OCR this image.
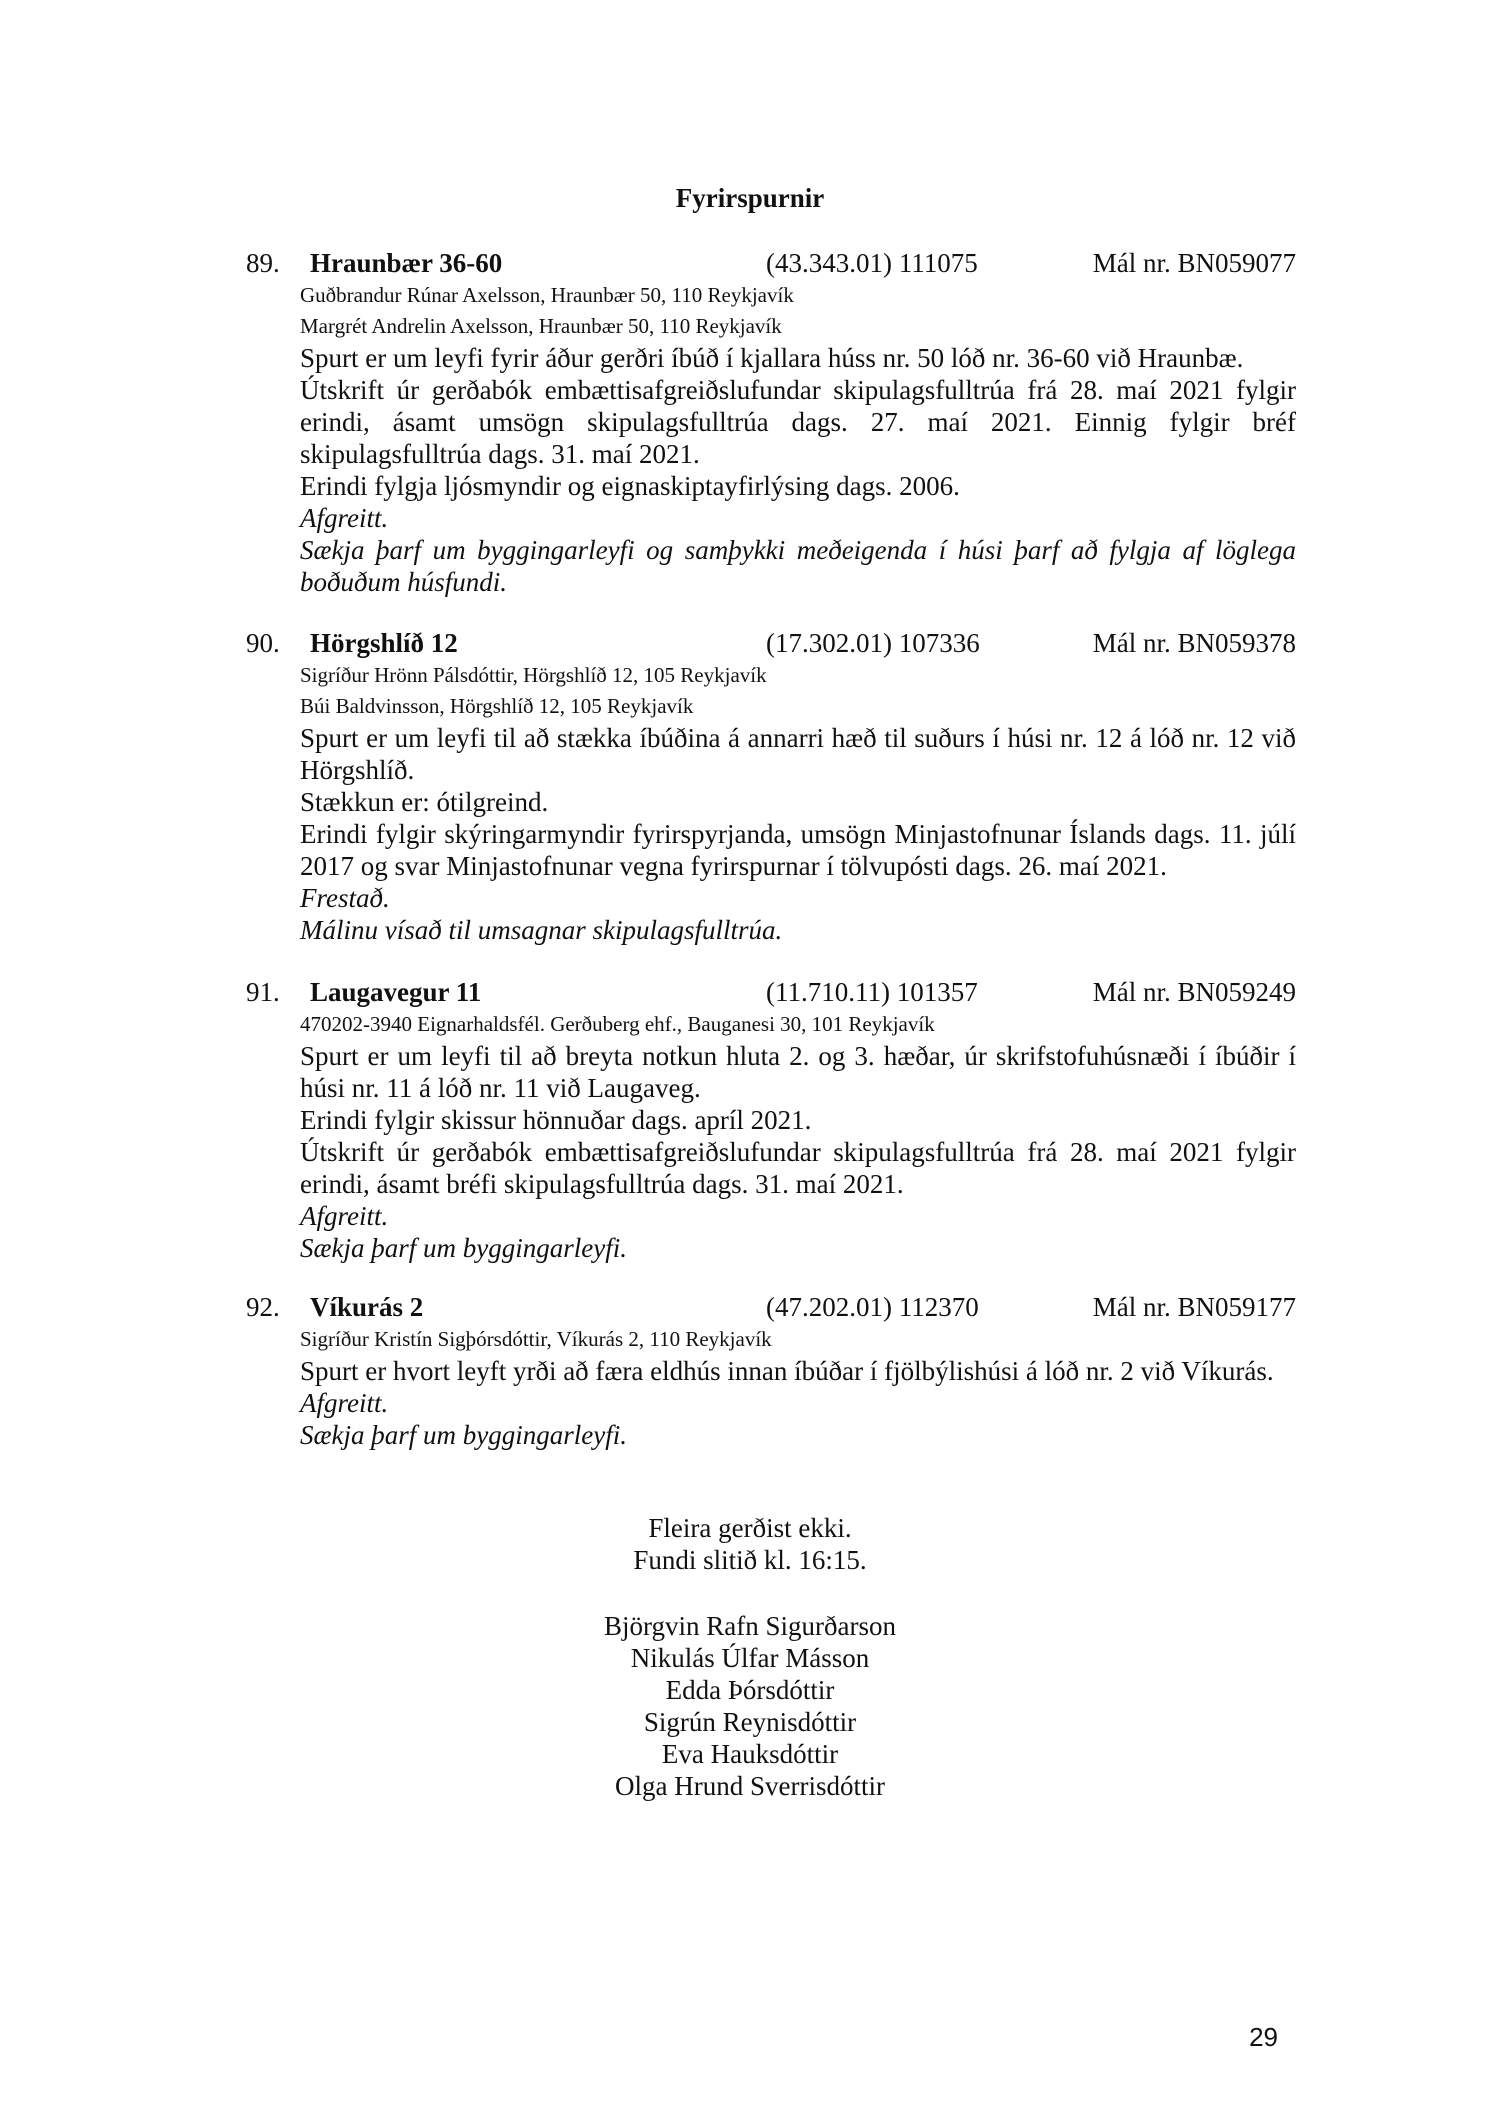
Fyrirspurnir
89. Hraunbær 36-60	(43.343.01) 111075	Mál nr. BN059077
Guðbrandur Rúnar Axelsson, Hraunbær 50, 110 Reykjavík
Margrét Andrelin Axelsson, Hraunbær 50, 110 Reykjavík
Spurt er um leyfi fyrir áður gerðri íbúð í kjallara húss nr. 50 lóð nr. 36-60 við Hraunbæ.
Útskrift úr gerðabók embættisafgreiðslufundar skipulagsfulltrúa frá 28. maí 2021 fylgir erindi, ásamt umsögn skipulagsfulltrúa dags. 27. maí 2021. Einnig fylgir bréf skipulagsfulltrúa dags. 31. maí 2021.
Erindi fylgja ljósmyndir og eignaskiptayfirlýsing dags. 2006.
Afgreitt.
Sækja þarf um byggingarleyfi og samþykki meðeigenda í húsi þarf að fylgja af löglega boðuðum húsfundi.
90. Hörgshlíð 12	(17.302.01) 107336	Mál nr. BN059378
Sigríður Hrönn Pálsdóttir, Hörgshlíð 12, 105 Reykjavík
Búi Baldvinsson, Hörgshlíð 12, 105 Reykjavík
Spurt er um leyfi til að stækka íbúðina á annarri hæð til suðurs í húsi nr. 12 á lóð nr. 12 við Hörgshlíð.
Stækkun er: ótilgreind.
Erindi fylgir skýringarmyndir fyrirspyrjanda, umsögn Minjastofnunar Íslands dags. 11. júlí 2017 og svar Minjastofnunar vegna fyrirspurnar í tölvupósti dags. 26. maí 2021.
Frestað.
Málinu vísað til umsagnar skipulagsfulltrúa.
91. Laugavegur 11	(11.710.11) 101357	Mál nr. BN059249
470202-3940 Eignarhaldsfél. Gerðuberg ehf., Bauganesi 30, 101 Reykjavík
Spurt er um leyfi til að breyta notkun hluta 2. og 3. hæðar, úr skrifstofuhúsnæði í íbúðir í húsi nr. 11 á lóð nr. 11 við Laugaveg.
Erindi fylgir skissur hönnuðar dags. apríl 2021.
Útskrift úr gerðabók embættisafgreiðslufundar skipulagsfulltrúa frá 28. maí 2021 fylgir erindi, ásamt bréfi skipulagsfulltrúa dags. 31. maí 2021.
Afgreitt.
Sækja þarf um byggingarleyfi.
92. Víkurás 2	(47.202.01) 112370	Mál nr. BN059177
Sigríður Kristín Sigþórsdóttir, Víkurás 2, 110 Reykjavík
Spurt er hvort leyft yrði að færa eldhús innan íbúðar í fjölbýlishúsi á lóð nr. 2 við Víkurás.
Afgreitt.
Sækja þarf um byggingarleyfi.
Fleira gerðist ekki.
Fundi slitið kl. 16:15.
Björgvin Rafn Sigurðarson
Nikulás Úlfar Másson
Edda Þórsdóttir
Sigrún Reynisdóttir
Eva Hauksdóttir
Olga Hrund Sverrisdóttir
29
